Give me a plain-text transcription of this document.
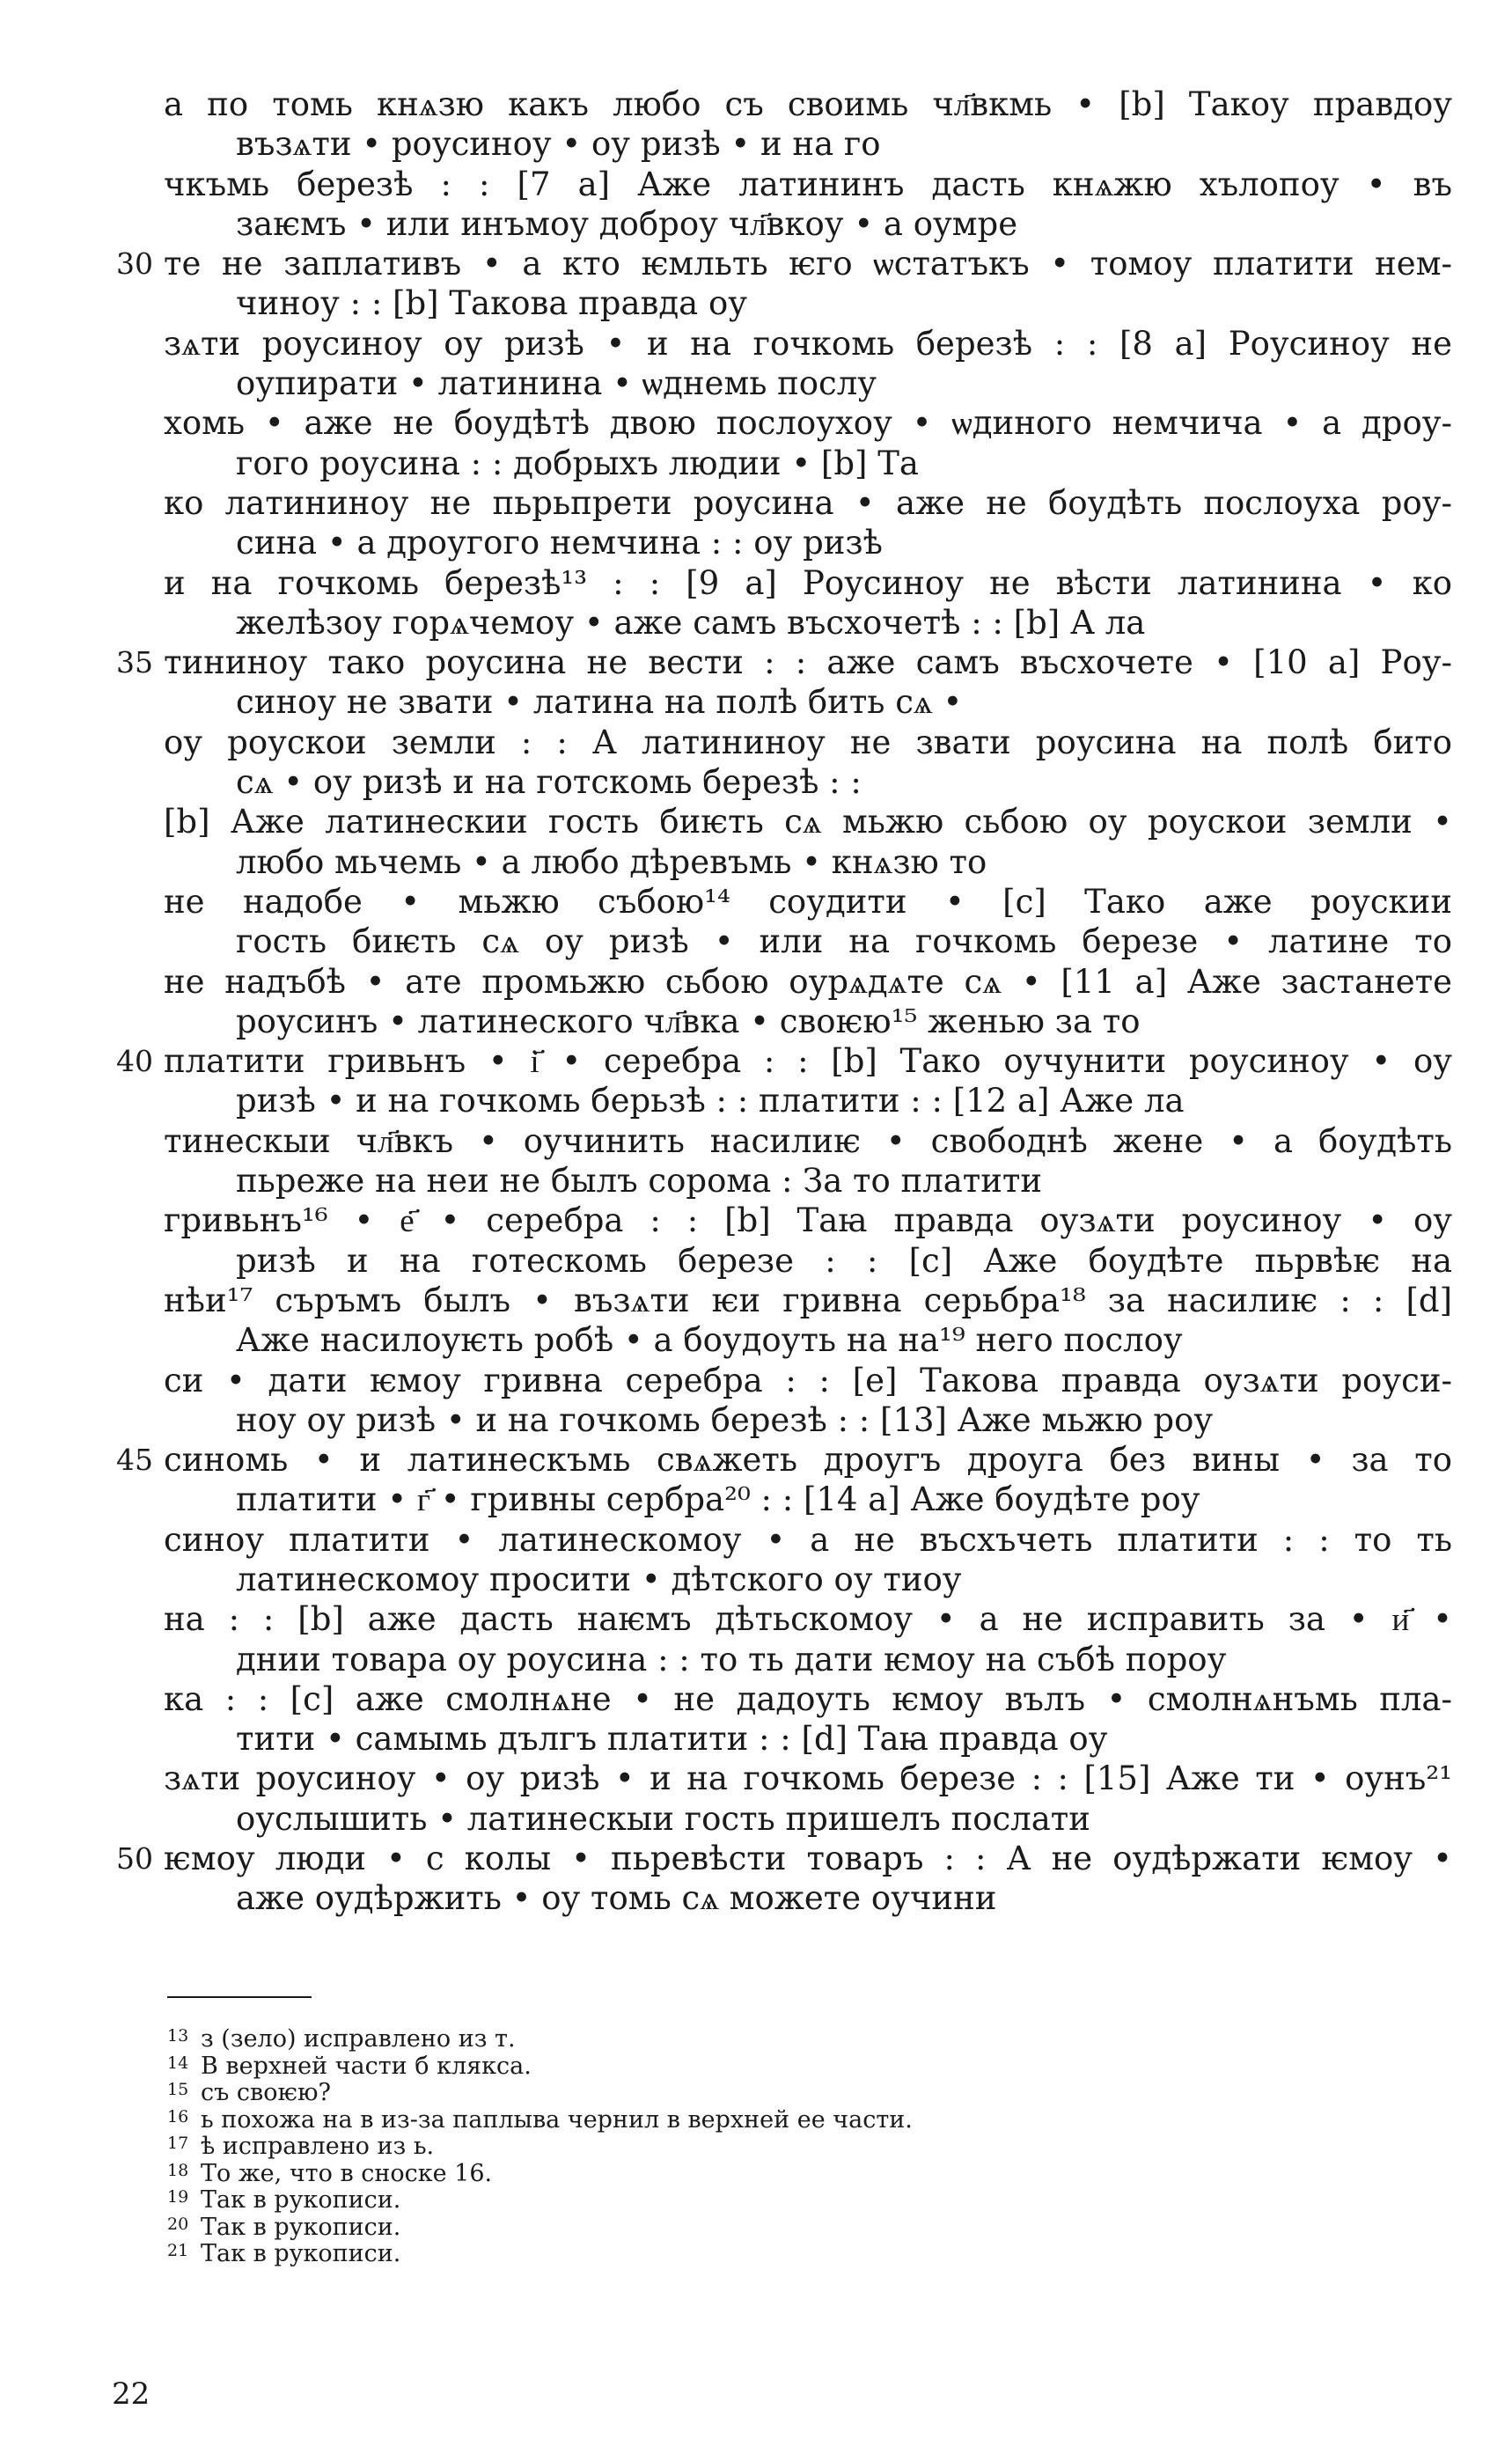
а по томь кнѧзю какъ любо съ своимь чл҃вкмь • [b] Такоу правдоу
възѧти • роусиноу • оу ризѣ • и на го
чкъмь березѣ : : [7 а] Аже латининъ дасть кнѧжю хълопоу • въ
заѥмъ • или инъмоу доброу чл҃вкоу • а оумре
30 те не заплативъ • а кто ѥмльть ѥго ѡстатъкъ • томоу платити нем-
чиноу : : [b] Такова правда оу
зѧти роусиноу оу ризѣ • и на гочкомь березѣ : : [8 а] Роусиноу не
оупирати • латинина • ѡднемь послу
хомь • аже не боудѣтѣ двою послоухоу • ѡдиного немчича • а дроу-
гого роусина : : добрыхъ людии • [b] Та
ко латининоу не пьрьпрети роусина • аже не боудѣть послоуха роу-
сина • а дроугого немчина : : оу ризѣ
и на гочкомь березѣ¹³ : : [9 а] Роусиноу не вѣсти латинина • ко
желѣзоу горѧчемоу • аже самъ въсхочетѣ : : [b] А ла
35 тининоу тако роусина не вести : : аже самъ въсхочете • [10 а] Роу-
синоу не звати • латина на полѣ бить сѧ •
оу роускои земли : : А латининоу не звати роусина на полѣ бито
сѧ • оу ризѣ и на готскомь березѣ : :
[b] Аже латинескии гость биѥть сѧ мьжю сьбою оу роускои земли •
любо мьчемь • а любо дѣревъмь • кнѧзю то
не надобе • мьжю събою¹⁴ соудити • [c] Тако аже роускии
гость биѥть сѧ оу ризѣ • или на гочкомь березе • латине то
не надъбѣ • ате промьжю сьбою оурѧдѧте сѧ • [11 а] Аже застанете
роусинъ • латинеского чл҃вка • своѥю¹⁵ женью за то
40 платити гривьнъ • і҃ • серебра : : [b] Тако оучунити роусиноу • оу
ризѣ • и на гочкомь берьзѣ : : платити : : [12 а] Аже ла
тинескыи чл҃вкъ • оучинить насилиѥ • свободнѣ жене • а боудѣть
пьреже на неи не былъ сорома : За то платити
гривьнъ¹⁶ • е҃ • серебра : : [b] Таꙗ правда оузѧти роусиноу • оу
ризѣ и на готескомь березе : : [c] Аже боудѣте пьрвѣѥ на
нѣи¹⁷ съръмъ былъ • възѧти ѥи гривна серьбра¹⁸ за насилиѥ : : [d]
Аже насилоуѥть робѣ • а боудоуть на на¹⁹ него послоу
си • дати ѥмоу гривна серебра : : [e] Такова правда оузѧти роуси-
ноу оу ризѣ • и на гочкомь березѣ : : [13] Аже мьжю роу
45 синомь • и латинескъмь свѧжеть дроугъ дроуга без вины • за то
платити • г҃ • гривны сербра²⁰ : : [14 а] Аже боудѣте роу
синоу платити • латинескомоу • а не въсхъчеть платити : : то ть
латинескомоу просити • дѣтского оу тиоу
на : : [b] аже дасть наѥмъ дѣтьскомоу • а не исправить за • и҃ •
днии товара оу роусина : : то ть дати ѥмоу на събѣ пороу
ка : : [c] аже смолнѧне • не дадоуть ѥмоу вълъ • смолнѧнъмь пла-
тити • самымь дългъ платити : : [d] Таꙗ правда оу
зѧти роусиноу • оу ризѣ • и на гочкомь березе : : [15] Аже ти • оунъ²¹
оуслышить • латинескыи гость пришелъ послати
50 ѥмоу люди • с колы • пьревѣсти товаръ : : А не оудѣржати ѥмоу •
аже оудѣржить • оу томь сѧ можете оучини
13 з (зело) исправлено из т.
14 В верхней части б клякса.
15 съ своѥю?
16 ь похожа на в из-за паплыва чернил в верхней ее части.
17 ѣ исправлено из ь.
18 То же, что в сноске 16.
19 Так в рукописи.
20 Так в рукописи.
21 Так в рукописи.
22
